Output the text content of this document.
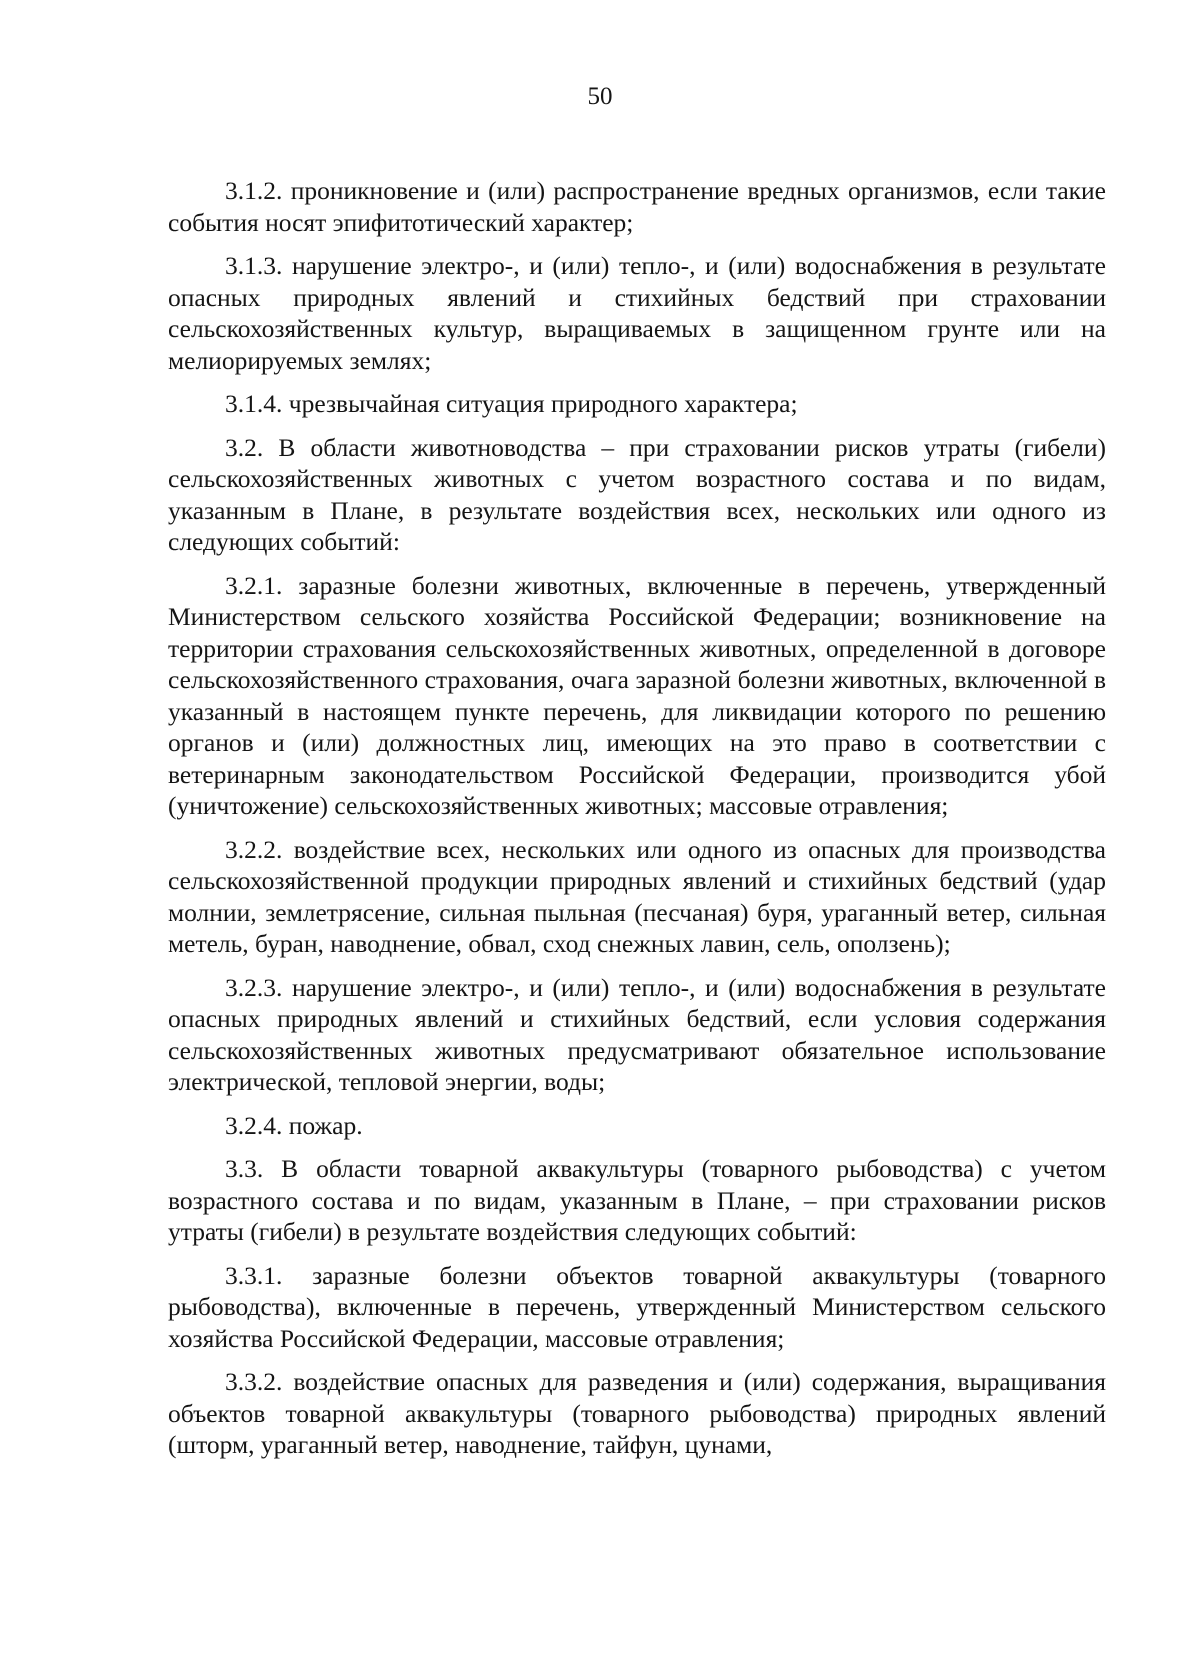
50

3.1.2. проникновение и (или) распространение вредных организмов, если такие события носят эпифитотический характер;

3.1.3. нарушение электро-, и (или) тепло-, и (или) водоснабжения в результате опасных природных явлений и стихийных бедствий при страховании сельскохозяйственных культур, выращиваемых в защищенном грунте или на мелиорируемых землях;

3.1.4. чрезвычайная ситуация природного характера;

3.2. В области животноводства – при страховании рисков утраты (гибели) сельскохозяйственных животных с учетом возрастного состава и по видам, указанным в Плане, в результате воздействия всех, нескольких или одного из следующих событий:

3.2.1. заразные болезни животных, включенные в перечень, утвержденный Министерством сельского хозяйства Российской Федерации; возникновение на территории страхования сельскохозяйственных животных, определенной в договоре сельскохозяйственного страхования, очага заразной болезни животных, включенной в указанный в настоящем пункте перечень, для ликвидации которого по решению органов и (или) должностных лиц, имеющих на это право в соответствии с ветеринарным законодательством Российской Федерации, производится убой (уничтожение) сельскохозяйственных животных; массовые отравления;

3.2.2. воздействие всех, нескольких или одного из опасных для производства сельскохозяйственной продукции природных явлений и стихийных бедствий (удар молнии, землетрясение, сильная пыльная (песчаная) буря, ураганный ветер, сильная метель, буран, наводнение, обвал, сход снежных лавин, сель, оползень);

3.2.3. нарушение электро-, и (или) тепло-, и (или) водоснабжения в результате опасных природных явлений и стихийных бедствий, если условия содержания сельскохозяйственных животных предусматривают обязательное использование электрической, тепловой энергии, воды;

3.2.4. пожар.

3.3. В области товарной аквакультуры (товарного рыбоводства) с учетом возрастного состава и по видам, указанным в Плане, – при страховании рисков утраты (гибели) в результате воздействия следующих событий:

3.3.1. заразные болезни объектов товарной аквакультуры (товарного рыбоводства), включенные в перечень, утвержденный Министерством сельского хозяйства Российской Федерации, массовые отравления;

3.3.2. воздействие опасных для разведения и (или) содержания, выращивания объектов товарной аквакультуры (товарного рыбоводства) природных явлений (шторм, ураганный ветер, наводнение, тайфун, цунами,
